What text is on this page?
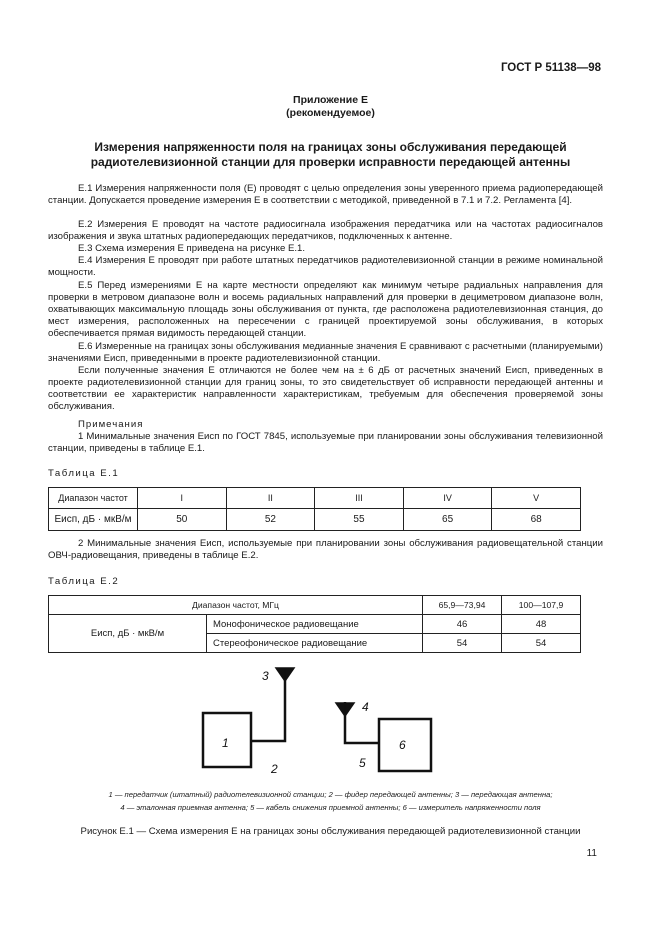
ГОСТ Р 51138—98
Приложение Е
(рекомендуемое)
Измерения напряженности поля на границах зоны обслуживания передающей
радиотелевизионной станции для проверки исправности передающей антенны

Е.1 Измерения напряженности поля (E) проводят с целью определения зоны уверенного приема радиопередающей станции. Допускается проведение измерения E в соответствии с методикой, приведенной в 7.1 и 7.2. Регламента [4].

Е.2 Измерения E проводят на частоте радиосигнала изображения передатчика или на частотах радиосигналов изображения и звука штатных радиопередающих передатчиков, подключенных к антенне.

Е.3 Схема измерения E приведена на рисунке Е.1.

Е.4 Измерения E проводят при работе штатных передатчиков радиотелевизионной станции в режиме номинальной мощности.

Е.5 Перед измерениями E на карте местности определяют как минимум четыре радиальных направления для проверки в метровом диапазоне волн и восемь радиальных направлений для проверки в дециметровом диапазоне волн, охватывающих максимальную площадь зоны обслуживания от пункта, где расположена радиотелевизионная станция, до мест измерения, расположенных на пересечении с границей проектируемой зоны обслуживания, в которых обеспечивается прямая видимость передающей станции.

Е.6 Измеренные на границах зоны обслуживания медианные значения E сравнивают с расчетными (планируемыми) значениями Eисп, приведенными в проекте радиотелевизионной станции.

Если полученные значения E отличаются не более чем на ± 6 дБ от расчетных значений Eисп, приведенных в проекте радиотелевизионной станции для границ зоны, то это свидетельствует об исправности передающей антенны и соответствии ее характеристик направленности характеристикам, требуемым для обеспечения проверяемой зоны обслуживания.

Примечания

1 Минимальные значения Eисп по ГОСТ 7845, используемые при планировании зоны обслуживания телевизионной станции, приведены в таблице Е.1.

Таблица Е.1
Диапазон частот	I	II	III	IV	V
Eисп, дБ · мкВ/м	50	52	55	65	68

2 Минимальные значения Eисп, используемые при планировании зоны обслуживания радиовещательной станции ОВЧ-радиовещания, приведены в таблице Е.2.

Таблица Е.2
Диапазон частот, МГц		65,9—73,94	100—107,9
Eисп, дБ · мкВ/м	Монофоническое радиовещание	46	48
	Стереофоническое радиовещание	54	54
1
2
3
4
5
6
1 — передатчик (штатный) радиотелевизионной станции; 2 — фидер передающей антенны; 3 — передающая антенна;
4 — эталонная приемная антенна; 5 — кабель снижения приемной антенны; 6 — измеритель напряженности поля
Рисунок Е.1 — Схема измерения E на границах зоны обслуживания передающей радиотелевизионной станции
11
